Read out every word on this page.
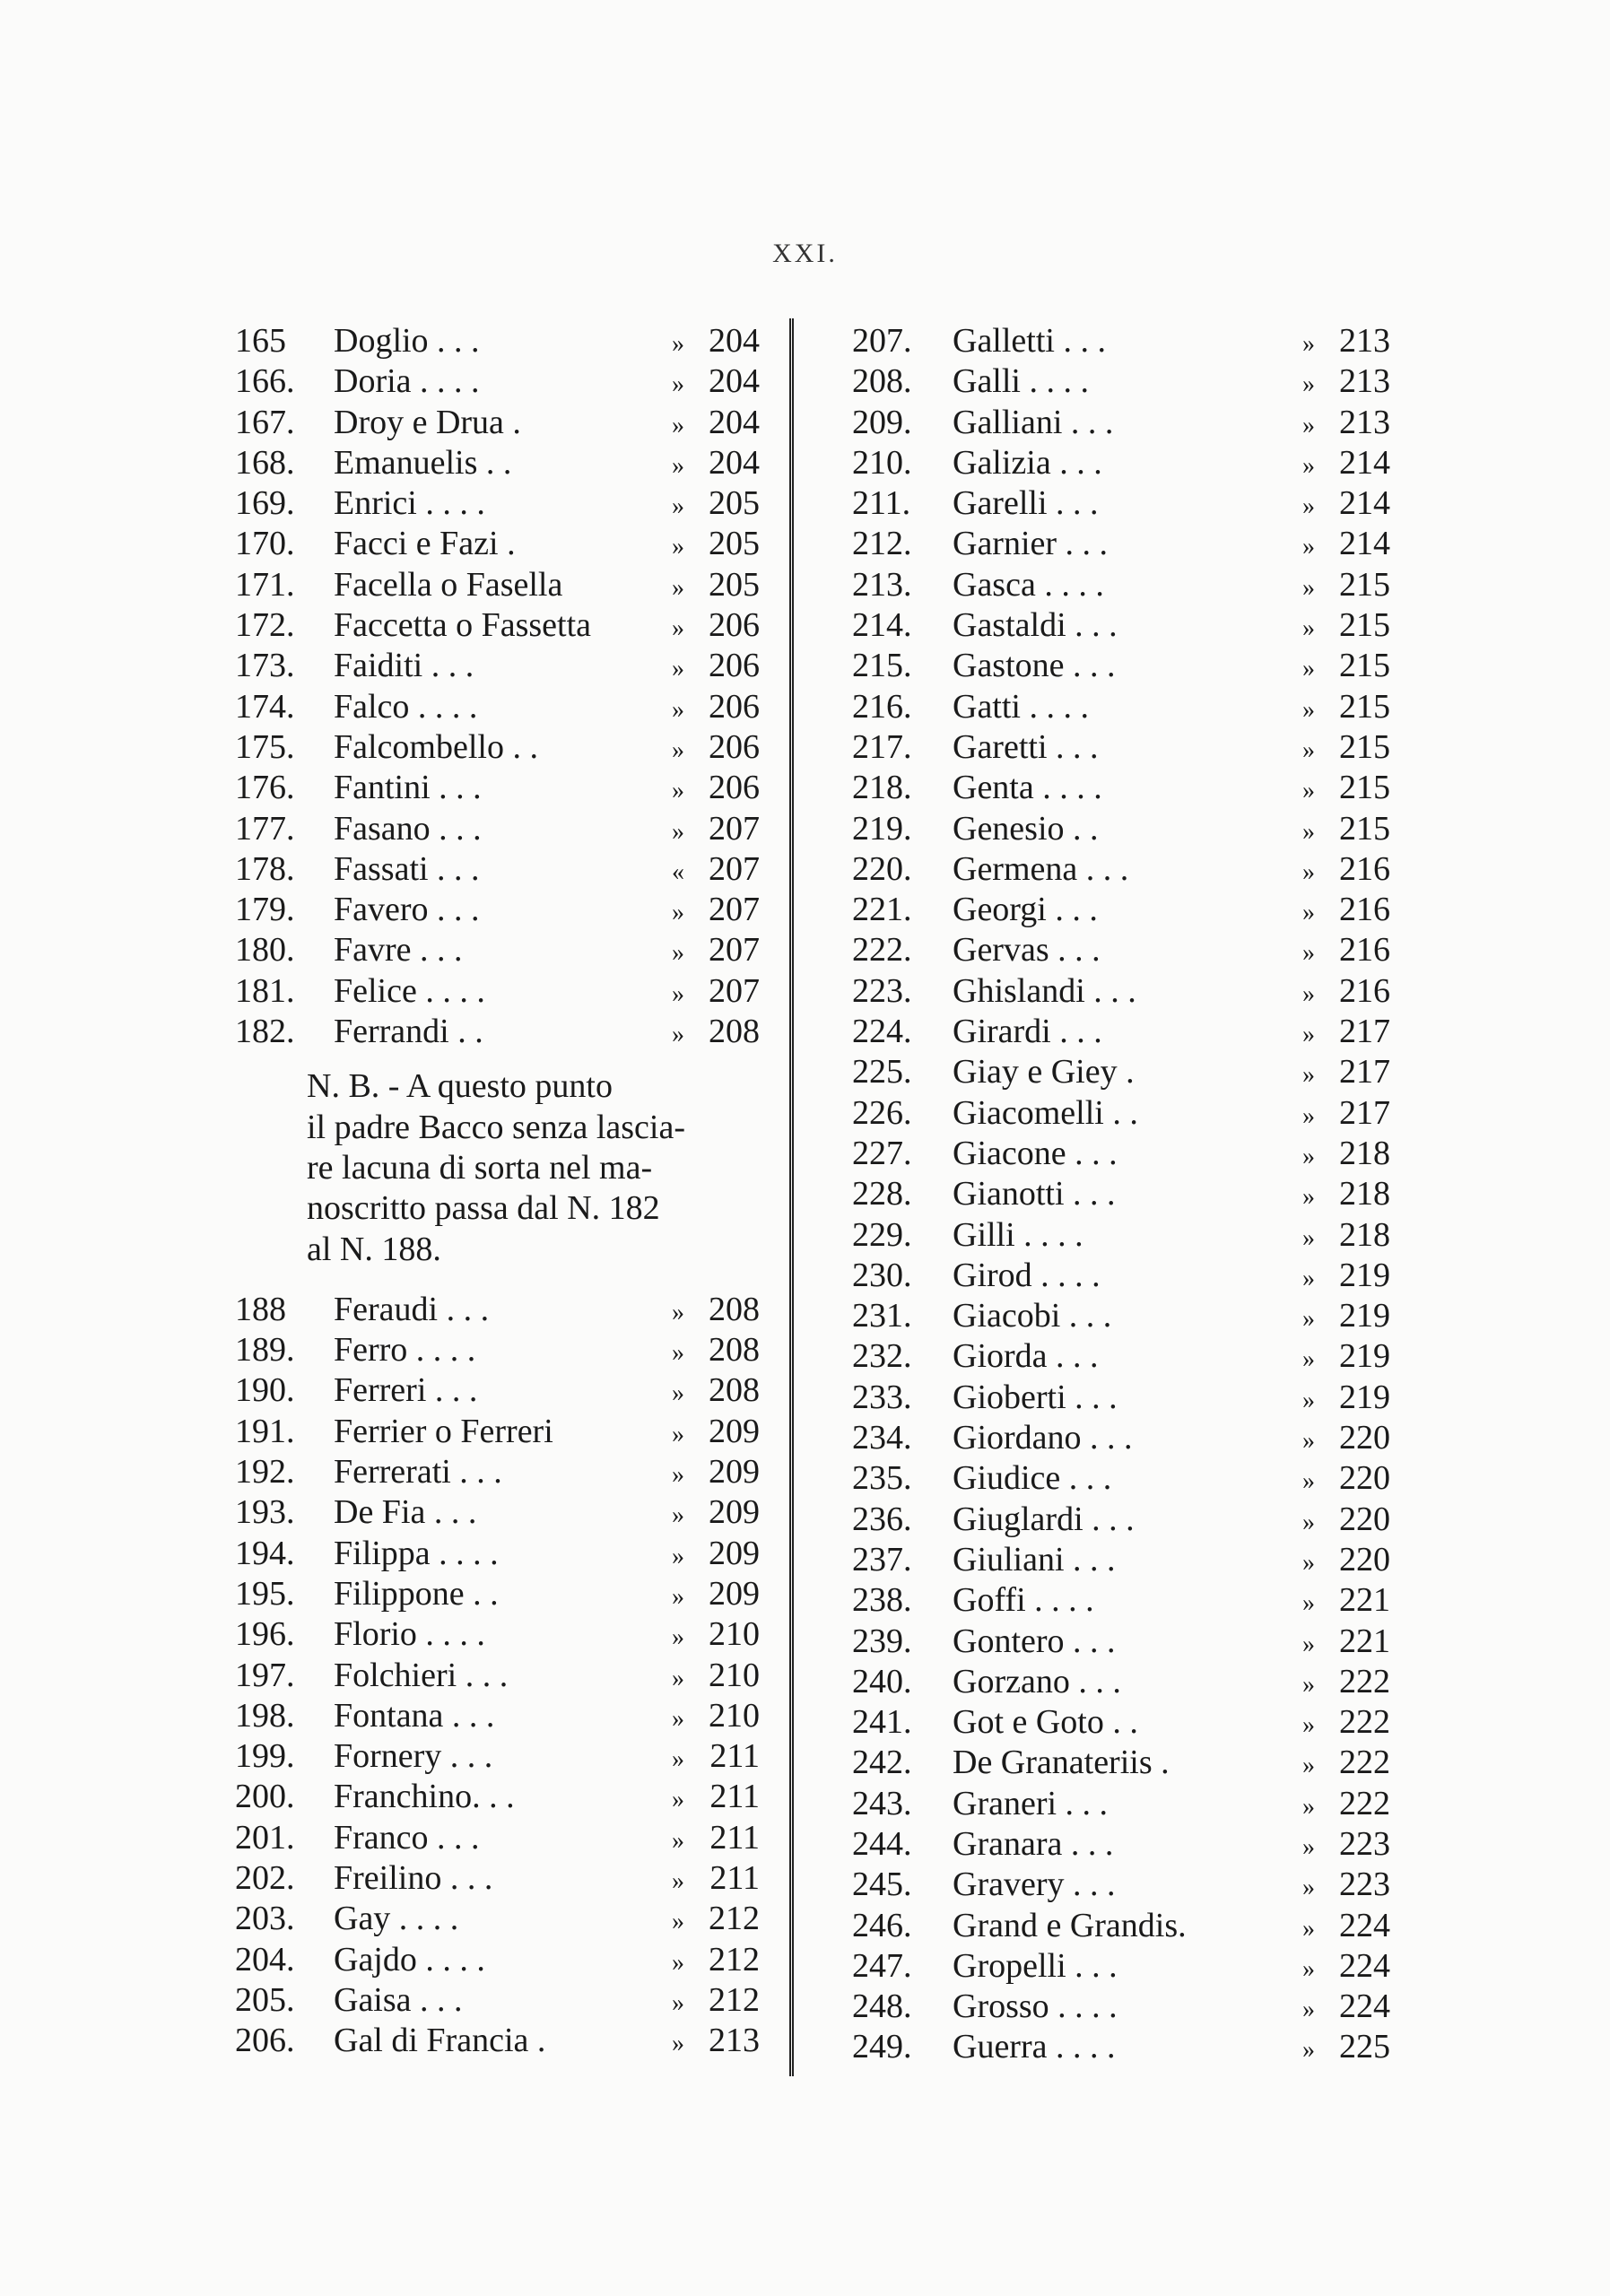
XXI.
165	Doglio . . .	» 204
166.	Doria . . . .	» 204
167.	Droy e Drua .	» 204
168.	Emanuelis . .	» 204
169.	Enrici . . . .	» 205
170.	Facci e Fazi .	» 205
171.	Facella o Fasella	» 205
172.	Faccetta o Fassetta	» 206
173.	Faiditi . . .	» 206
174.	Falco . . . .	» 206
175.	Falcombello . .	» 206
176.	Fantini . . .	» 206
177.	Fasano . . .	» 207
178.	Fassati . . .	« 207
179.	Favero . . .	» 207
180.	Favre . . .	» 207
181.	Felice . . . .	» 207
182.	Ferrandi . .	» 208
N. B. - A questo punto
il padre Bacco senza lascia-
re lacuna di sorta nel ma-
noscritto passa dal N. 182
al N. 188.
188	Feraudi . . .	» 208
189.	Ferro . . . .	» 208
190.	Ferreri . . .	» 208
191.	Ferrier o Ferreri	» 209
192.	Ferrerati . . .	» 209
193.	De Fia . . .	» 209
194.	Filippa . . . .	» 209
195.	Filippone . .	» 209
196.	Florio . . . .	» 210
197.	Folchieri . . .	» 210
198.	Fontana . . .	» 210
199.	Fornery . . .	» 211
200.	Franchino. . .	» 211
201.	Franco . . .	» 211
202.	Freilino . . .	» 211
203.	Gay . . . .	» 212
204.	Gajdo . . . .	» 212
205.	Gaisa . . .	» 212
206.	Gal di Francia .	» 213
207.	Galletti . . .	» 213
208.	Galli . . . .	» 213
209.	Galliani . . .	» 213
210.	Galizia . . .	» 214
211.	Garelli . . .	» 214
212.	Garnier . . .	» 214
213.	Gasca . . . .	» 215
214.	Gastaldi . . .	» 215
215.	Gastone . . .	» 215
216.	Gatti . . . .	» 215
217.	Garetti . . .	» 215
218.	Genta . . . .	» 215
219.	Genesio . .	» 215
220.	Germena . . .	» 216
221.	Georgi . . .	» 216
222.	Gervas . . .	» 216
223.	Ghislandi . . .	» 216
224.	Girardi . . .	» 217
225.	Giay e Giey .	» 217
226.	Giacomelli . .	» 217
227.	Giacone . . .	» 218
228.	Gianotti . . .	» 218
229.	Gilli . . . .	» 218
230.	Girod . . . .	» 219
231.	Giacobi . . .	» 219
232.	Giorda . . .	» 219
233.	Gioberti . . .	» 219
234.	Giordano . . .	» 220
235.	Giudice . . .	» 220
236.	Giuglardi . . .	» 220
237.	Giuliani . . .	» 220
238.	Goffi . . . .	» 221
239.	Gontero . . .	» 221
240.	Gorzano . . .	» 222
241.	Got e Goto . .	» 222
242.	De Granateriis .	» 222
243.	Graneri . . .	» 222
244.	Granara . . .	» 223
245.	Gravery . . .	» 223
246.	Grand e Grandis.	» 224
247.	Gropelli . . .	» 224
248.	Grosso . . . .	» 224
249.	Guerra . . . .	» 225
